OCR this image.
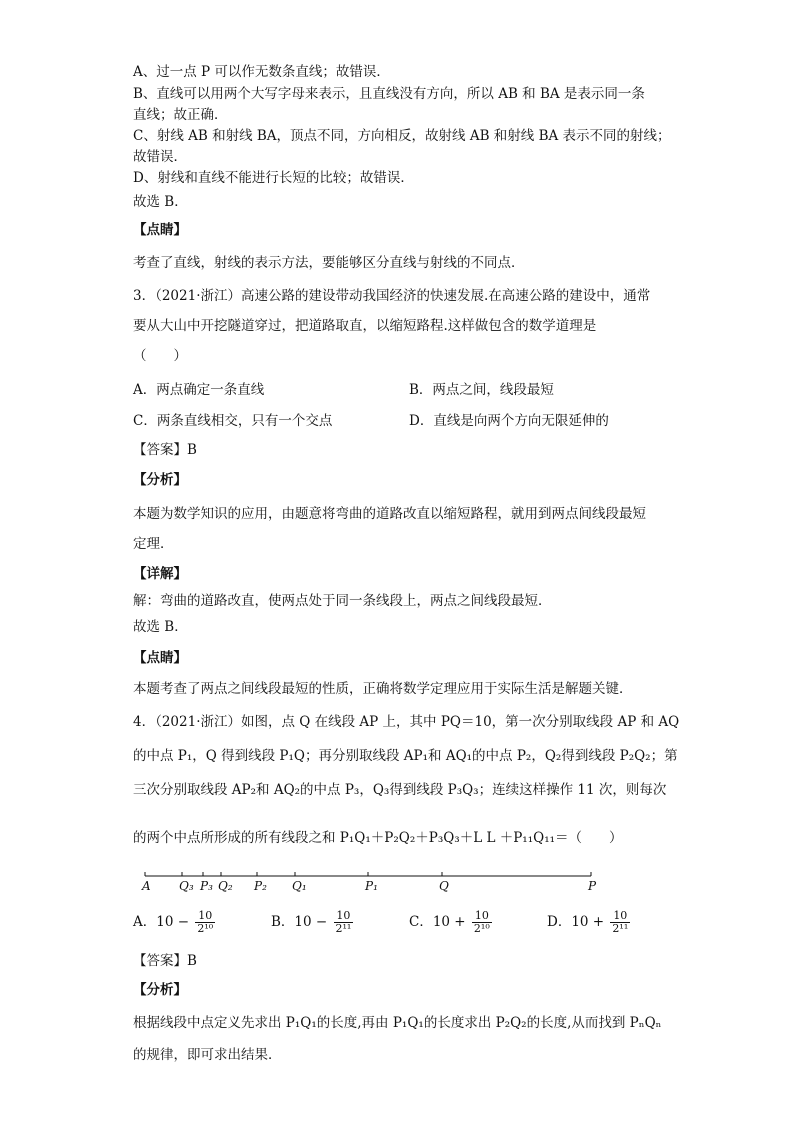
A、过一点 P 可以作无数条直线；故错误．
B、直线可以用两个大写字母来表示，且直线没有方向，所以 AB 和 BA 是表示同一条
直线；故正确．
C、射线 AB 和射线 BA，顶点不同，方向相反，故射线 AB 和射线 BA 表示不同的射线；
故错误．
D、射线和直线不能进行长短的比较；故错误．
故选 B．
【点睛】
考查了直线，射线的表示方法，要能够区分直线与射线的不同点．
3．（2021·浙江）高速公路的建设带动我国经济的快速发展.在高速公路的建设中，通常
要从大山中开挖隧道穿过，把道路取直，以缩短路程.这样做包含的数学道理是
（　　）
A．两点确定一条直线	B．两点之间，线段最短
C．两条直线相交，只有一个交点	D．直线是向两个方向无限延伸的
【答案】B
【分析】
本题为数学知识的应用，由题意将弯曲的道路改直以缩短路程，就用到两点间线段最短
定理．
【详解】
解：弯曲的道路改直，使两点处于同一条线段上，两点之间线段最短．
故选 B．
【点睛】
本题考查了两点之间线段最短的性质，正确将数学定理应用于实际生活是解题关键．
4．（2021·浙江）如图，点 Q 在线段 AP 上，其中 PQ＝10，第一次分别取线段 AP 和 AQ
的中点 P₁，Q 得到线段 P₁Q；再分别取线段 AP₁和 AQ₁的中点 P₂，Q₂得到线段 P₂Q₂；第
三次分别取线段 AP₂和 AQ₂的中点 P₃，Q₃得到线段 P₃Q₃；连续这样操作 11 次，则每次
的两个中点所形成的所有线段之和 P₁Q₁＋P₂Q₂＋P₃Q₃＋L L ＋P₁₁Q₁₁＝（　　）
A Q₃ P₃ Q₂ P₂ Q₁	P₁	Q	P
A．$10 - \frac{10}{\text{2¹⁰}}$	B．$10 - \frac{10}{\text{2¹¹}}$	C．$10 + \frac{10}{\text{2¹⁰}}$	D．$10 + \frac{10}{\text{2¹¹}}$
【答案】B
【分析】
根据线段中点定义先求出 P₁Q₁的长度,再由 P₁Q₁的长度求出 P₂Q₂的长度,从而找到 PₙQₙ
的规律，即可求出结果．
